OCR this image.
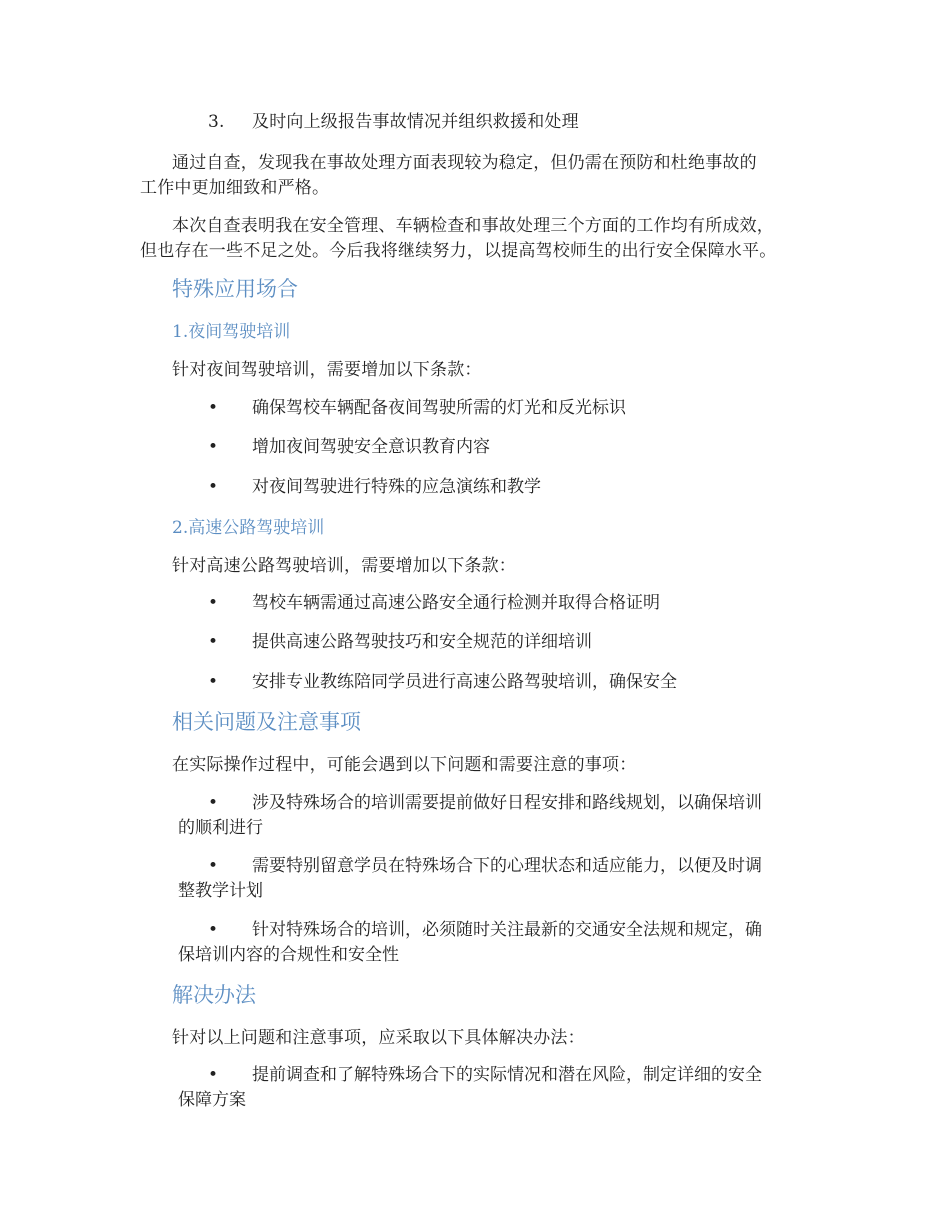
3. 及时向上级报告事故情况并组织救援和处理
通过自查，发现我在事故处理方面表现较为稳定，但仍需在预防和杜绝事故的
工作中更加细致和严格。
本次自查表明我在安全管理、车辆检查和事故处理三个方面的工作均有所成效，
但也存在一些不足之处。今后我将继续努力，以提高驾校师生的出行安全保障水平。
特殊应用场合
1.夜间驾驶培训
针对夜间驾驶培训，需要增加以下条款：
• 确保驾校车辆配备夜间驾驶所需的灯光和反光标识
• 增加夜间驾驶安全意识教育内容
• 对夜间驾驶进行特殊的应急演练和教学
2.高速公路驾驶培训
针对高速公路驾驶培训，需要增加以下条款：
• 驾校车辆需通过高速公路安全通行检测并取得合格证明
• 提供高速公路驾驶技巧和安全规范的详细培训
• 安排专业教练陪同学员进行高速公路驾驶培训，确保安全
相关问题及注意事项
在实际操作过程中，可能会遇到以下问题和需要注意的事项：
• 涉及特殊场合的培训需要提前做好日程安排和路线规划，以确保培训
的顺利进行
• 需要特别留意学员在特殊场合下的心理状态和适应能力，以便及时调
整教学计划
• 针对特殊场合的培训，必须随时关注最新的交通安全法规和规定，确
保培训内容的合规性和安全性
解决办法
针对以上问题和注意事项，应采取以下具体解决办法：
• 提前调查和了解特殊场合下的实际情况和潜在风险，制定详细的安全
保障方案
